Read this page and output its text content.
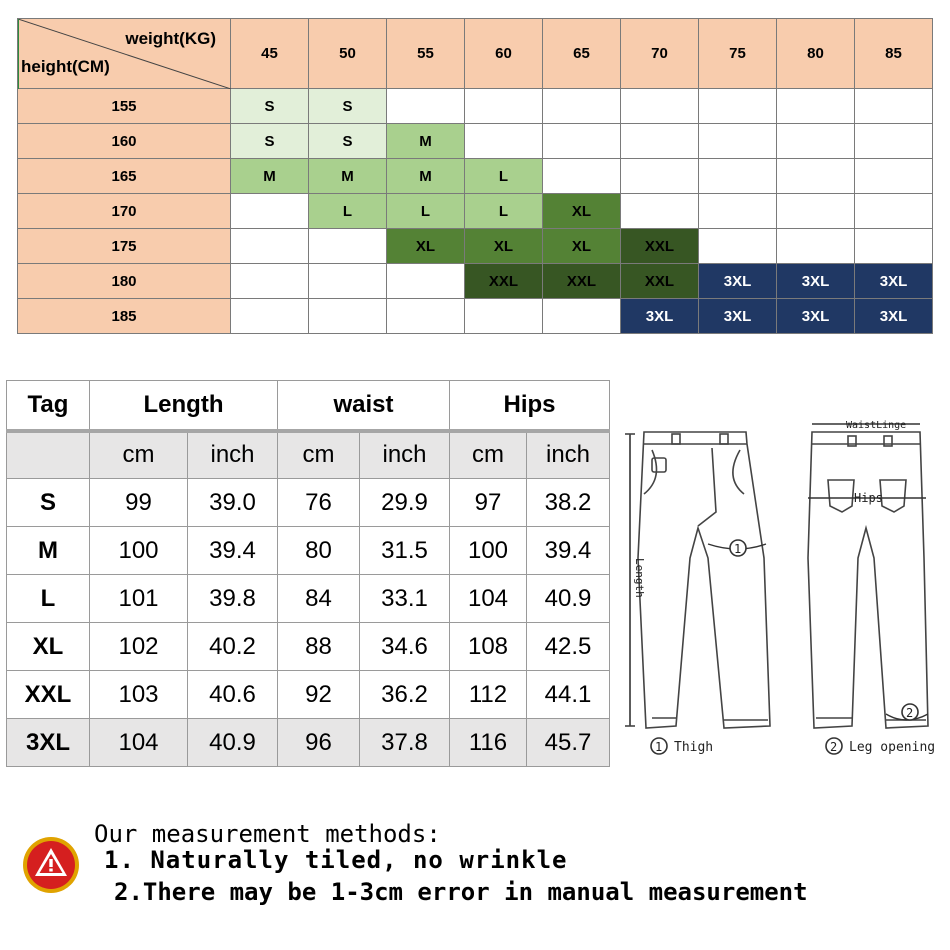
weight(KG)
height(CM)	45	50	55	60	65	70	75	80	85
155	S	S							
160	S	S	M						
165	M	M	M	L					
170		L	L	L	XL				
175			XL	XL	XL	XXL			
180				XXL	XXL	XXL	3XL	3XL	3XL
185						3XL	3XL	3XL	3XL
Tag	Length		waist		Hips	
	cm	inch	cm	inch	cm	inch
S	99	39.0	76	29.9	97	38.2
M	100	39.4	80	31.5	100	39.4
L	101	39.8	84	33.1	104	40.9
XL	102	40.2	88	34.6	108	42.5
XXL	103	40.6	92	36.2	112	44.1
3XL	104	40.9	96	37.8	116	45.7
Length
1
WaistLinge
Hips
2
1 Thigh	2 Leg opening
Our measurement methods:
1. Naturally tiled, no wrinkle
2.There may be 1-3cm error in manual measurement
